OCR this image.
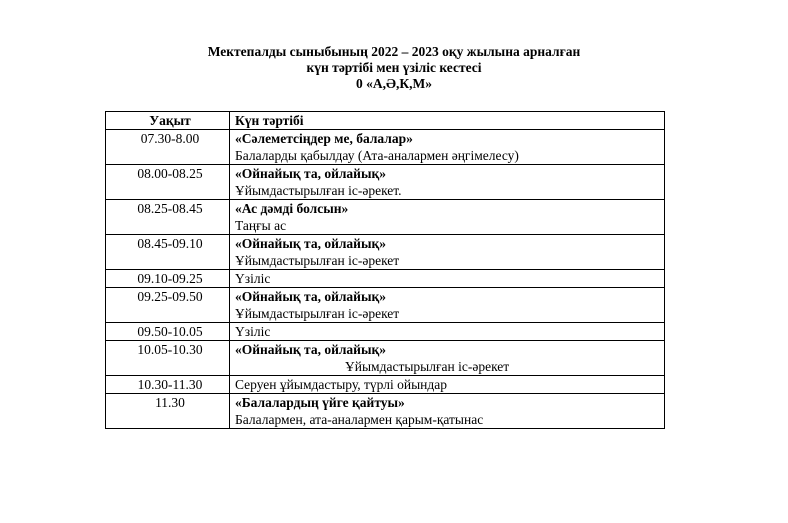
Мектепалды сыныбының 2022 – 2023 оқу жылына арналған
күн тәртібі мен үзіліс кестесі
0 «А,Ә,К,М»
Уақыт	Күн тәртібі
07.30-8.00	«Сәлеметсіңдер ме, балалар»
Балаларды қабылдау (Ата-аналармен әңгімелесу)

08.00-08.25	«Ойнайық та, ойлайық»
Ұйымдастырылған іс-әрекет.

08.25-08.45	«Ас дәмді болсын»
Таңғы ас

08.45-09.10	«Ойнайық та, ойлайық»
Ұйымдастырылған іс-әрекет

09.10-09.25	Үзіліс
09.25-09.50	«Ойнайық та, ойлайық»
Ұйымдастырылған іс-әрекет

09.50-10.05	Үзіліс
10.05-10.30	«Ойнайық та, ойлайық»
Ұйымдастырылған іс-әрекет

10.30-11.30	Серуен ұйымдастыру, түрлі ойындар
11.30	«Балалардың үйге қайтуы»
Балалармен, ата-аналармен қарым-қатынас
